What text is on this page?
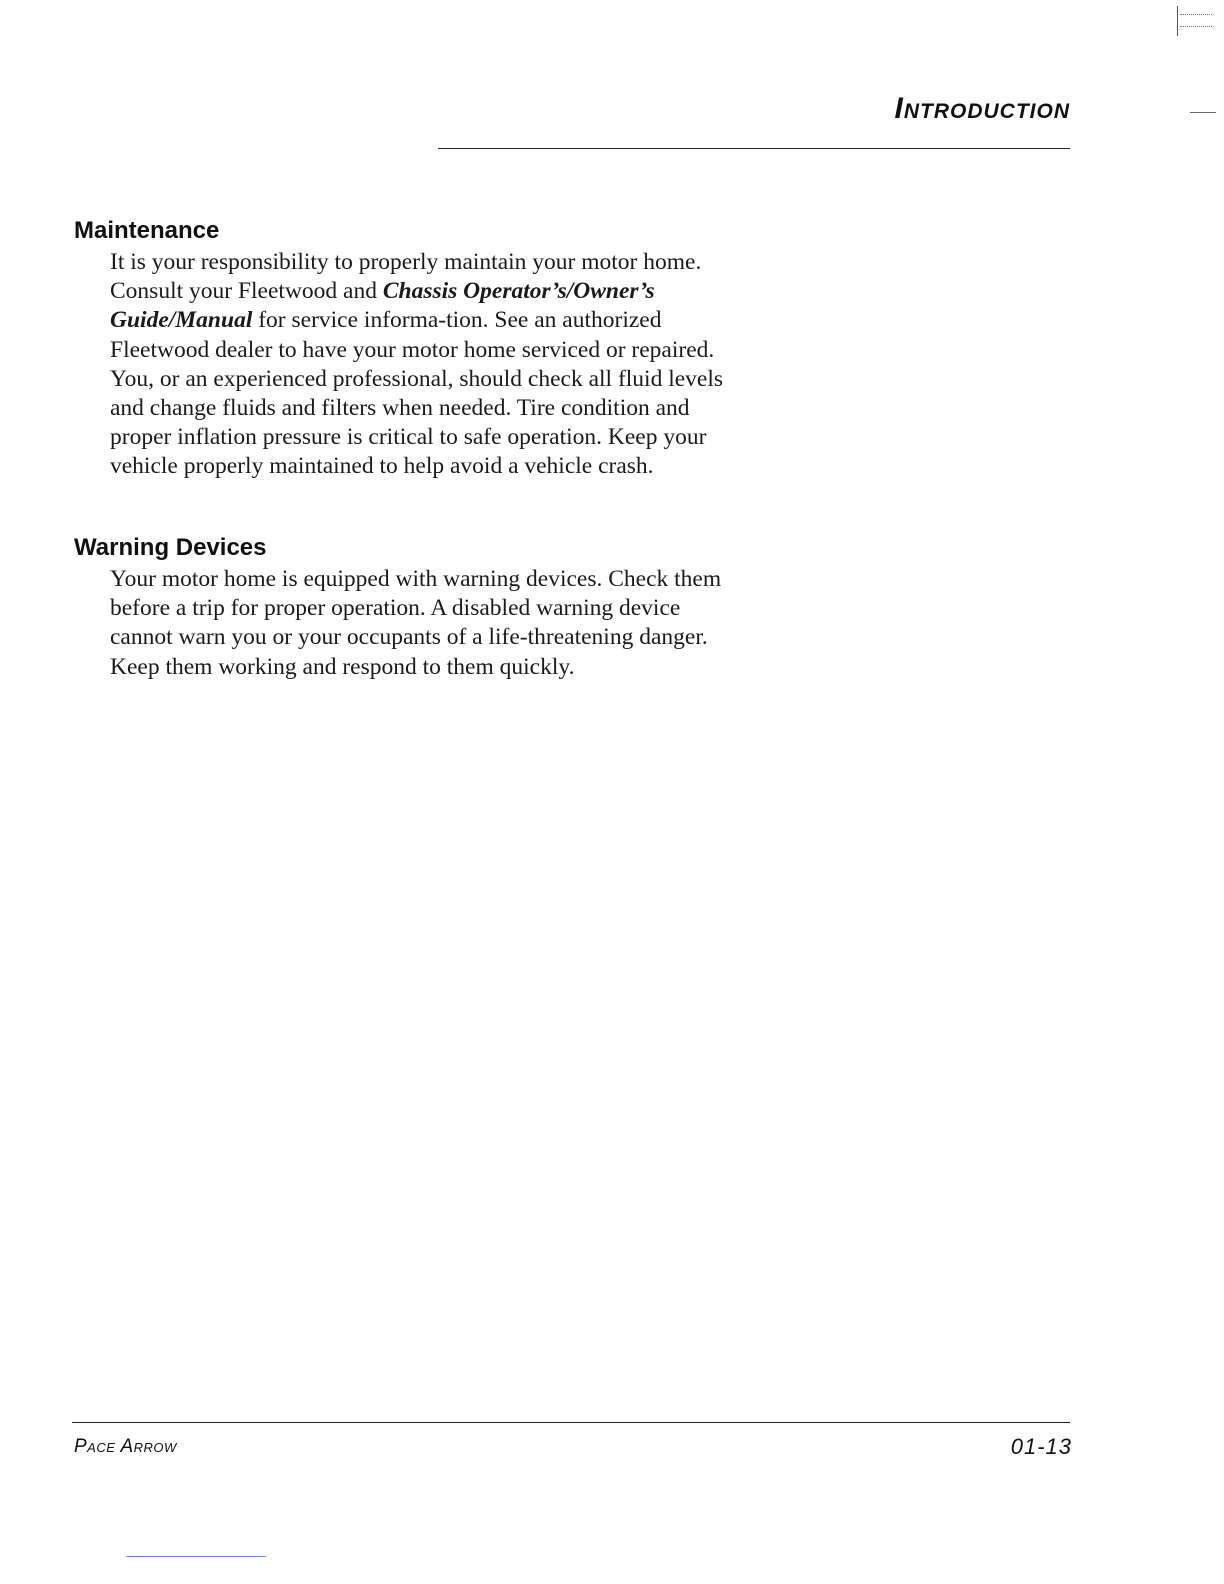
Introduction
Maintenance

It is your responsibility to properly maintain your motor home. Consult your Fleetwood and Chassis Operator’s/Owner’s Guide/Manual for service informa-tion. See an authorized Fleetwood dealer to have your motor home serviced or repaired. You, or an experienced professional, should check all fluid levels and change fluids and filters when needed. Tire condition and proper inflation pressure is critical to safe operation. Keep your vehicle properly maintained to help avoid a vehicle crash.

Warning Devices

Your motor home is equipped with warning devices. Check them before a trip for proper operation. A disabled warning device cannot warn you or your occupants of a life-threatening danger. Keep them working and respond to them quickly.

Pace Arrow	01-13
